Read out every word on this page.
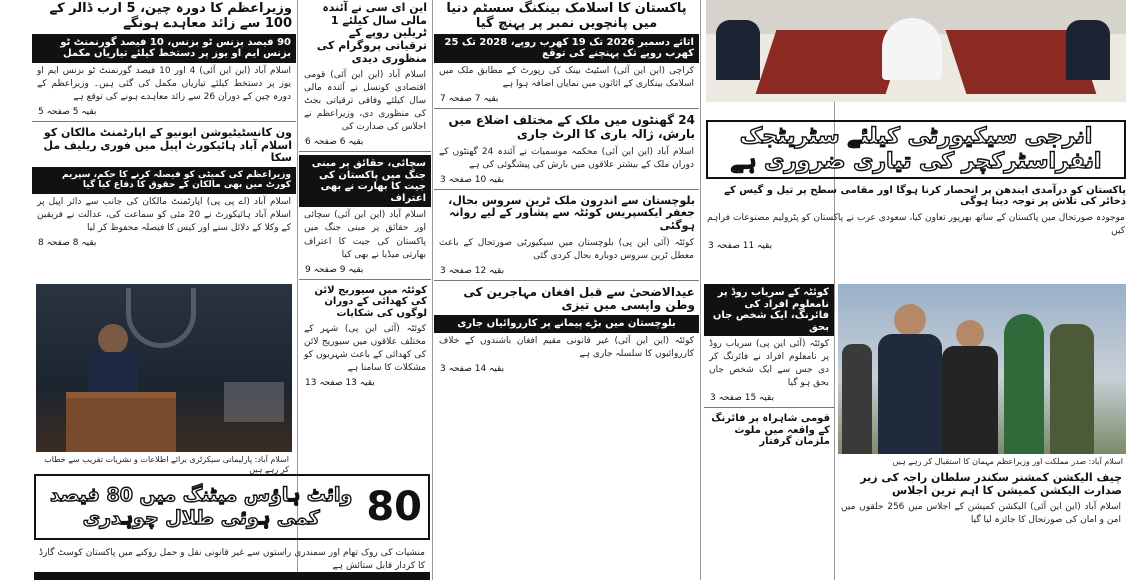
وزیراعظم کا دورہ چین، 5 ارب ڈالر کے 100 سے زائد معاہدے ہونگے
90 فیصد بزنس ٹو بزنس، 10 فیصد گورنمنٹ ٹو بزنس ایم او یوز پر دستخط کیلئے تیاریاں مکمل
اسلام آباد (این این آئی) 4 اور 10 فیصد گورنمنٹ ٹو بزنس ایم او یوز پر دستخط کیلئے تیاریاں مکمل کی گئی ہیں۔ وزیراعظم کے دورہ چین کے دوران 26 سے زائد معاہدے ہونے کی توقع ہے
بقیہ 5 صفحہ 5
ون کانسٹیٹیوشن ایونیو کے اپارٹمنٹ مالکان کو اسلام آباد ہائیکورٹ اپیل میں فوری ریلیف مل سکا
وزیراعظم کی کمیٹی کو فیصلہ کرنے کا حکم، سپریم کورٹ میں بھی مالکان کے حقوق کا دفاع کیا گیا
اسلام آباد (اے پی پی) اپارٹمنٹ مالکان کی جانب سے دائر اپیل پر اسلام آباد ہائیکورٹ نے 20 مئی کو سماعت کی، عدالت نے فریقین کے وکلا کے دلائل سنے اور کیس کا فیصلہ محفوظ کر لیا
بقیہ 8 صفحہ 8
اسلام آباد: پارلیمانی سیکرٹری برائے اطلاعات و نشریات تقریب سے خطاب کر رہے ہیں
این ای سی نے آئندہ مالی سال کیلئے 1 ٹریلین روپے کے ترقیاتی پروگرام کی منظوری دیدی
اسلام آباد (این این آئی) قومی اقتصادی کونسل نے آئندہ مالی سال کیلئے وفاقی ترقیاتی بجٹ کی منظوری دی، وزیراعظم نے اجلاس کی صدارت کی
بقیہ 6 صفحہ 6
سچائی، حقائق پر مبنی جنگ میں پاکستان کی جیت کا بھارت نے بھی اعتراف
اسلام آباد (این این آئی) سچائی اور حقائق پر مبنی جنگ میں پاکستان کی جیت کا اعتراف بھارتی میڈیا نے بھی کیا
بقیہ 9 صفحہ 9
کوئٹہ میں سیوریج لائن کی کھدائی کے دوران لوگوں کی شکایات
کوئٹہ (آئی این پی) شہر کے مختلف علاقوں میں سیوریج لائن کی کھدائی کے باعث شہریوں کو مشکلات کا سامنا ہے
بقیہ 13 صفحہ 13
پاکستان کا اسلامک بینکنگ سسٹم دنیا میں پانچویں نمبر پر پہنچ گیا
اثاثے دسمبر 2026 تک 19 کھرب روپے، 2028 تک 25 کھرب روپے تک پہنچنے کی توقع
کراچی (این این آئی) اسٹیٹ بینک کی رپورٹ کے مطابق ملک میں اسلامک بینکاری کے اثاثوں میں نمایاں اضافہ ہوا ہے
بقیہ 7 صفحہ 7
24 گھنٹوں میں ملک کے مختلف اضلاع میں بارش، ژالہ باری کا الرٹ جاری
اسلام آباد (این این آئی) محکمہ موسمیات نے آئندہ 24 گھنٹوں کے دوران ملک کے بیشتر علاقوں میں بارش کی پیشگوئی کی ہے
بقیہ 10 صفحہ 3
بلوچستان سے اندرون ملک ٹرین سروس بحال، جعفر ایکسپریس کوئٹہ سے پشاور کے لیے روانہ ہوگئی
کوئٹہ (آئی این پی) بلوچستان میں سیکیورٹی صورتحال کے باعث معطل ٹرین سروس دوبارہ بحال کردی گئی
بقیہ 12 صفحہ 3
عیدالاضحیٰ سے قبل افغان مہاجرین کی وطن واپسی میں تیزی
بلوچستان میں بڑے پیمانے پر کارروائیاں جاری
کوئٹہ (این این آئی) غیر قانونی مقیم افغان باشندوں کے خلاف کارروائیوں کا سلسلہ جاری ہے
بقیہ 14 صفحہ 3
انرجی سیکیورٹی کیلئے سٹریٹجک انفراسٹرکچر کی تیاری ضروری ہے
پاکستان کو درآمدی ایندھن پر انحصار کرنا ہوگا اور مقامی سطح پر تیل و گیس کے ذخائر کی تلاش پر توجہ دینا ہوگی
موجودہ صورتحال میں پاکستان کے ساتھ بھرپور تعاون کیا، سعودی عرب نے پاکستان کو پٹرولیم مصنوعات فراہم کیں
بقیہ 11 صفحہ 3
کوئٹہ کے سریاب روڈ پر نامعلوم افراد کی فائرنگ، ایک شخص جاں بحق
کوئٹہ (آئی این پی) سریاب روڈ پر نامعلوم افراد نے فائرنگ کر دی جس سے ایک شخص جاں بحق ہو گیا
بقیہ 15 صفحہ 3
قومی شاہراہ پر فائرنگ کے واقعہ میں ملوث ملزمان گرفتار
اسلام آباد: صدر مملکت اور وزیراعظم مہمان کا استقبال کر رہے ہیں
چیف الیکشن کمشنر سکندر سلطان راجہ کی زیر صدارت الیکشن کمیشن کا اہم ترین اجلاس
اسلام آباد (این این آئی) الیکشن کمیشن کے اجلاس میں 256 حلقوں میں امن و امان کی صورتحال کا جائزہ لیا گیا
80
وائٹ ہاؤس میٹنگ میں 80 فیصد کمی ہوئی طلال چوہدری
منشیات کی روک تھام اور سمندری راستوں سے غیر قانونی نقل و حمل روکنے میں پاکستان کوسٹ گارڈ کا کردار قابل ستائش ہے
